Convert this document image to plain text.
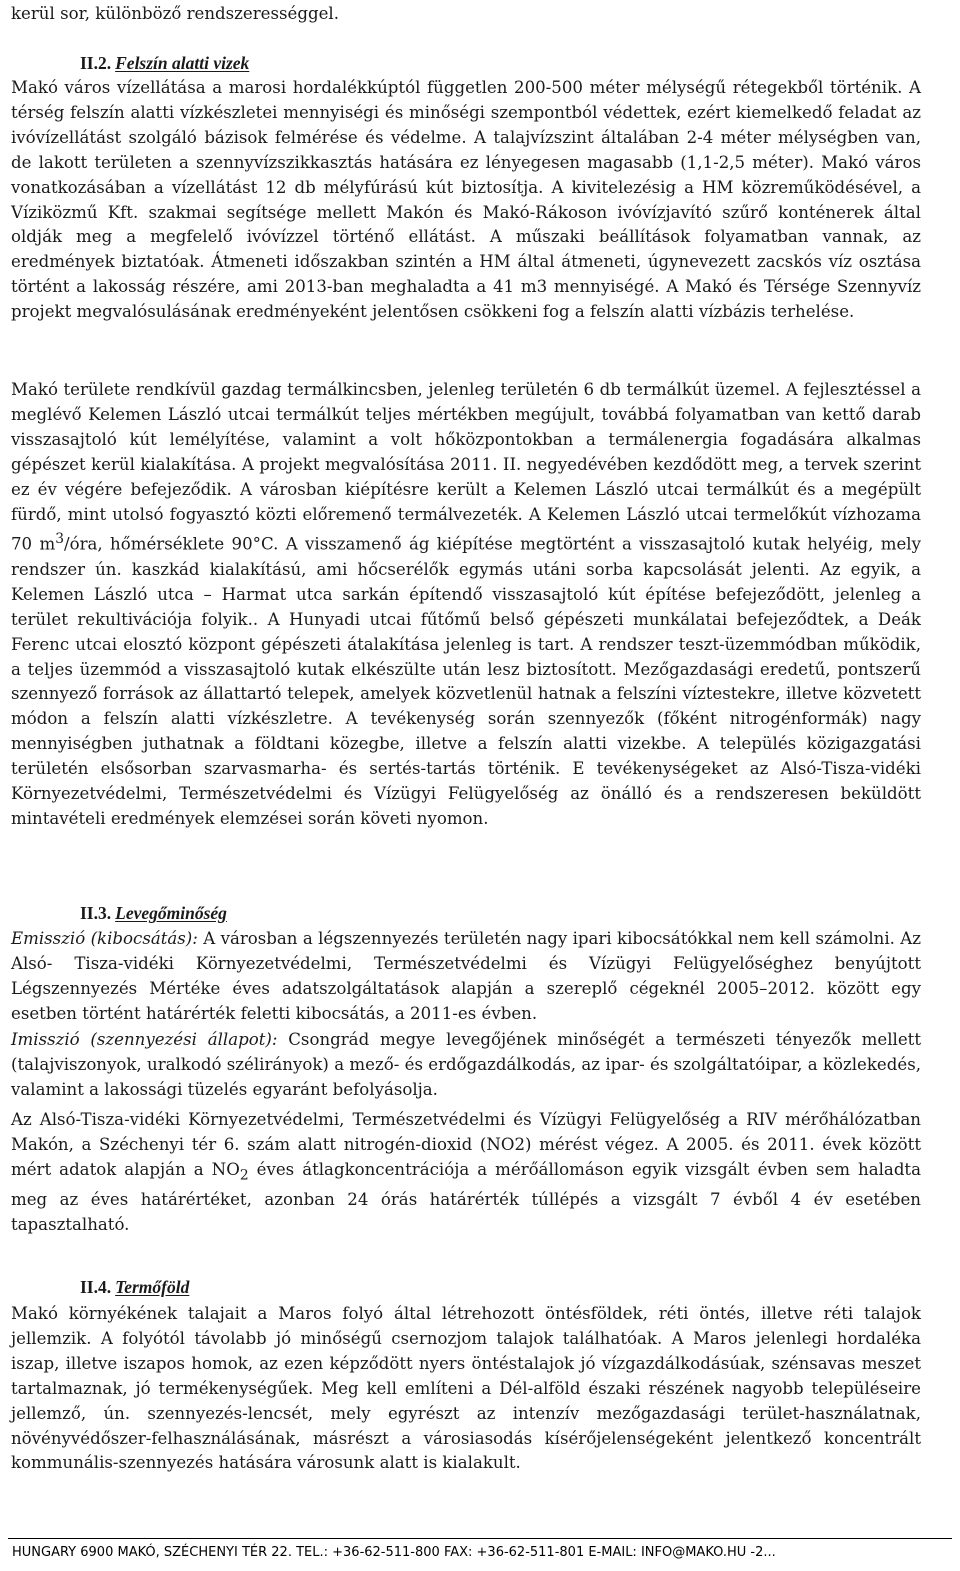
kerül sor, különböző rendszerességgel.

II.2. Felszín alatti vizek

Makó város vízellátása a marosi hordalékkúptól független 200-500 méter mélységű rétegekből történik. A térség felszín alatti vízkészletei mennyiségi és minőségi szempontból védettek, ezért kiemelkedő feladat az ivóvízellátást szolgáló bázisok felmérése és védelme. A talajvízszint általában 2-4 méter mélységben van, de lakott területen a szennyvízszikkasztás hatására ez lényegesen magasabb (1,1-2,5 méter). Makó város vonatkozásában a vízellátást 12 db mélyfúrású kút biztosítja. A kivitelezésig a HM közreműködésével, a Víziközmű Kft. szakmai segítsége mellett Makón és Makó-Rákoson ivóvízjavító szűrő konténerek által oldják meg a megfelelő ivóvízzel történő ellátást. A műszaki beállítások folyamatban vannak, az eredmények biztatóak. Átmeneti időszakban szintén a HM által átmeneti, úgynevezett zacskós víz osztása történt a lakosság részére, ami 2013-ban meghaladta a 41 m3 mennyiségé. A Makó és Térsége Szennyvíz projekt megvalósulásának eredményeként jelentősen csökkeni fog a felszín alatti vízbázis terhelése.

Makó területe rendkívül gazdag termálkincsben, jelenleg területén 6 db termálkút üzemel. A fejlesztéssel a meglévő Kelemen László utcai termálkút teljes mértékben megújult, továbbá folyamatban van kettő darab visszasajtoló kút lemélyítése, valamint a volt hőközpontokban a termálenergia fogadására alkalmas gépészet kerül kialakítása. A projekt megvalósítása 2011. II. negyedévében kezdődött meg, a tervek szerint ez év végére befejeződik. A városban kiépítésre került a Kelemen László utcai termálkút és a megépült fürdő, mint utolsó fogyasztó közti előremenő termálvezeték. A Kelemen László utcai termelőkút vízhozama 70 $m^3$/óra, hőmérséklete 90°C. A visszamenő ág kiépítése megtörtént a visszasajtoló kutak helyéig, mely rendszer ún. kaszkád kialakítású, ami hőcserélők egymás utáni sorba kapcsolását jelenti. Az egyik, a Kelemen László utca – Harmat utca sarkán építendő visszasajtoló kút építése befejeződött, jelenleg a terület rekultivációja folyik.. A Hunyadi utcai fűtőmű belső gépészeti munkálatai befejeződtek, a Deák Ferenc utcai elosztó központ gépészeti átalakítása jelenleg is tart. A rendszer teszt-üzemmódban működik, a teljes üzemmód a visszasajtoló kutak elkészülte után lesz biztosított. Mezőgazdasági eredetű, pontszerű szennyező források az állattartó telepek, amelyek közvetlenül hatnak a felszíni víztestekre, illetve közvetett módon a felszín alatti vízkészletre. A tevékenység során szennyezők (főként nitrogénformák) nagy mennyiségben juthatnak a földtani közegbe, illetve a felszín alatti vizekbe. A település közigazgatási területén elsősorban szarvasmarha- és sertés-tartás történik. E tevékenységeket az Alsó-Tisza-vidéki Környezetvédelmi, Természetvédelmi és Vízügyi Felügyelőség az önálló és a rendszeresen beküldött mintavételi eredmények elemzései során követi nyomon.

II.3. Levegőminőség

Emisszió (kibocsátás): A városban a légszennyezés területén nagy ipari kibocsátókkal nem kell számolni. Az Alsó- Tisza-vidéki Környezetvédelmi, Természetvédelmi és Vízügyi Felügyelőséghez benyújtott Légszennyezés Mértéke éves adatszolgáltatások alapján a szereplő cégeknél 2005–2012. között egy esetben történt határérték feletti kibocsátás, a 2011-es évben.

Imisszió (szennyezési állapot): Csongrád megye levegőjének minőségét a természeti tényezők mellett (talajviszonyok, uralkodó szélirányok) a mező- és erdőgazdálkodás, az ipar- és szolgáltatóipar, a közlekedés, valamint a lakossági tüzelés egyaránt befolyásolja.

Az Alsó-Tisza-vidéki Környezetvédelmi, Természetvédelmi és Vízügyi Felügyelőség a RIV mérőhálózatban Makón, a Széchenyi tér 6. szám alatt nitrogén-dioxid (NO2) mérést végez. A 2005. és 2011. évek között mért adatok alapján a $NO_2$ éves átlagkoncentrációja a mérőállomáson egyik vizsgált évben sem haladta meg az éves határértéket, azonban 24 órás határérték túllépés a vizsgált 7 évből 4 év esetében tapasztalható.

II.4. Termőföld

Makó környékének talajait a Maros folyó által létrehozott öntésföldek, réti öntés, illetve réti talajok jellemzik. A folyótól távolabb jó minőségű csernozjom talajok találhatóak. A Maros jelenlegi hordaléka iszap, illetve iszapos homok, az ezen képződött nyers öntéstalajok jó vízgazdálkodásúak, szénsavas meszet tartalmaznak, jó termékenységűek. Meg kell említeni a Dél-alföld északi részének nagyobb településeire jellemző, ún. szennyezés-lencsét, mely egyrészt az intenzív mezőgazdasági terület-használatnak, növényvédőszer-felhasználásának, másrészt a városiasodás kísérőjelenségeként jelentkező koncentrált kommunális-szennyezés hatására városunk alatt is kialakult.

HUNGARY 6900 MAKÓ, SZÉCHENYI TÉR 22. TEL.: +36-62-511-800 FAX: +36-62-511-801 E-MAIL: INFO@MAKO.HU -2...
